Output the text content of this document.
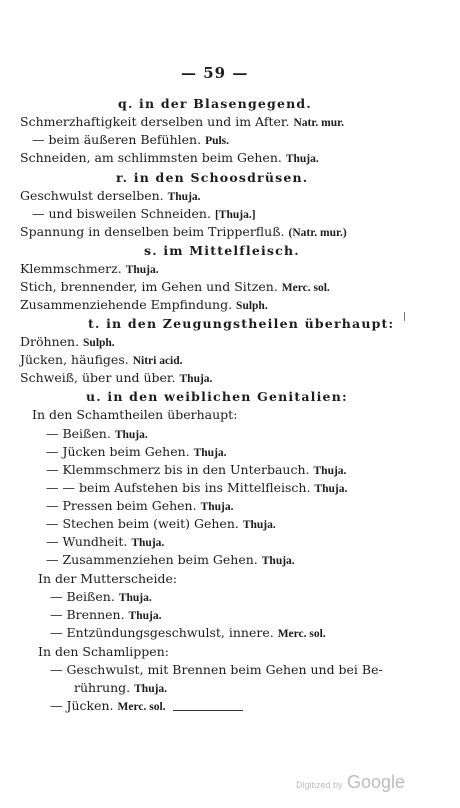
— 59 —
q. in der Blasengegend.
Schmerzhaftigkeit derselben und im After. Natr. mur.
— beim äußeren Befühlen. Puls.
Schneiden, am schlimmsten beim Gehen. Thuja.
r. in den Schoosdrüsen.
Geschwulst derselben. Thuja.
— und bisweilen Schneiden. [Thuja.]
Spannung in denselben beim Tripperfluß. (Natr. mur.)
s. im Mittelfleisch.
Klemmschmerz. Thuja.
Stich, brennender, im Gehen und Sitzen. Merc. sol.
Zusammenziehende Empfindung. Sulph.
t. in den Zeugungstheilen überhaupt:
Dröhnen. Sulph.
Jücken, häufiges. Nitri acid.
Schweiß, über und über. Thuja.
u. in den weiblichen Genitalien:
In den Schamtheilen überhaupt:
— Beißen. Thuja.
— Jücken beim Gehen. Thuja.
— Klemmschmerz bis in den Unterbauch. Thuja.
— — beim Aufstehen bis ins Mittelfleisch. Thuja.
— Pressen beim Gehen. Thuja.
— Stechen beim (weit) Gehen. Thuja.
— Wundheit. Thuja.
— Zusammenziehen beim Gehen. Thuja.
In der Mutterscheide:
— Beißen. Thuja.
— Brennen. Thuja.
— Entzündungsgeschwulst, innere. Merc. sol.
In den Schamlippen:
— Geschwulst, mit Brennen beim Gehen und bei Be-
rührung. Thuja.
— Jücken. Merc. sol.
Digitized by Google
